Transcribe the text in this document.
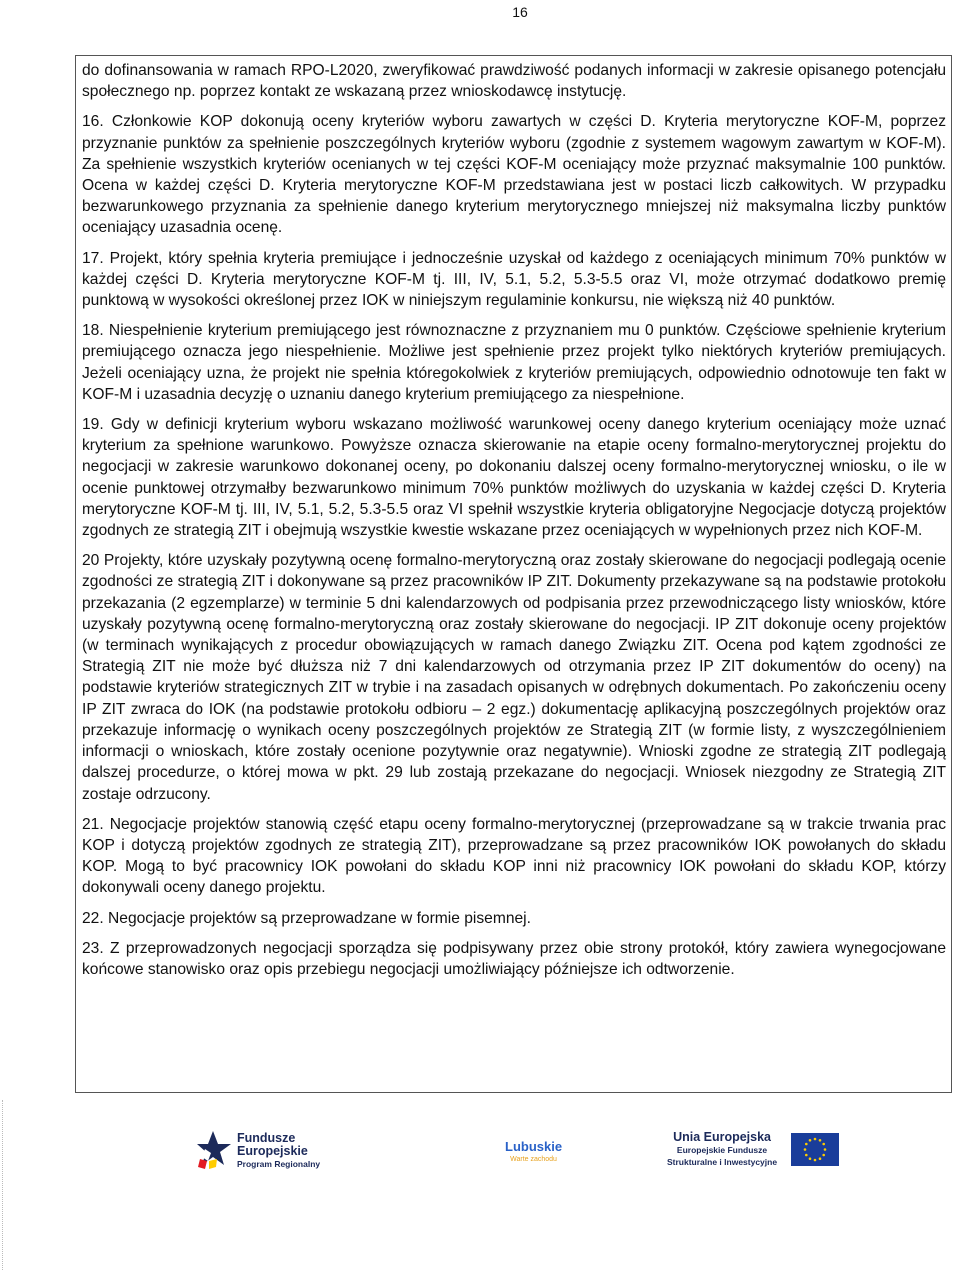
16

do dofinansowania w ramach RPO-L2020, zweryfikować prawdziwość podanych informacji w zakresie opisanego potencjału społecznego np. poprzez kontakt ze wskazaną przez wnioskodawcę instytucję.

16. Członkowie KOP dokonują oceny kryteriów wyboru zawartych w części D. Kryteria merytoryczne KOF-M, poprzez przyznanie punktów za spełnienie poszczególnych kryteriów wyboru (zgodnie z systemem wagowym zawartym w KOF-M). Za spełnienie wszystkich kryteriów ocenianych w tej części KOF-M oceniający może przyznać maksymalnie 100 punktów. Ocena w każdej części D. Kryteria merytoryczne KOF-M przedstawiana jest w postaci liczb całkowitych. W przypadku bezwarunkowego przyznania za spełnienie danego kryterium merytorycznego mniejszej niż maksymalna liczby punktów oceniający uzasadnia ocenę.

17. Projekt, który spełnia kryteria premiujące i jednocześnie uzyskał od każdego z oceniających minimum 70% punktów w każdej części D. Kryteria merytoryczne KOF-M tj. III, IV, 5.1, 5.2, 5.3-5.5 oraz VI, może otrzymać dodatkowo premię punktową w wysokości określonej przez IOK w niniejszym regulaminie konkursu, nie większą niż 40 punktów.

18. Niespełnienie kryterium premiującego jest równoznaczne z przyznaniem mu 0 punktów. Częściowe spełnienie kryterium premiującego oznacza jego niespełnienie. Możliwe jest spełnienie przez projekt tylko niektórych kryteriów premiujących. Jeżeli oceniający uzna, że projekt nie spełnia któregokolwiek z kryteriów premiujących, odpowiednio odnotowuje ten fakt w KOF-M i uzasadnia decyzję o uznaniu danego kryterium premiującego za niespełnione.

19. Gdy w definicji kryterium wyboru wskazano możliwość warunkowej oceny danego kryterium oceniający może uznać kryterium za spełnione warunkowo. Powyższe oznacza skierowanie na etapie oceny formalno-merytorycznej projektu do negocjacji w zakresie warunkowo dokonanej oceny, po dokonaniu dalszej oceny formalno-merytorycznej wniosku, o ile w ocenie punktowej otrzymałby bezwarunkowo minimum 70% punktów możliwych do uzyskania w każdej części D. Kryteria merytoryczne KOF-M tj. III, IV, 5.1, 5.2, 5.3-5.5 oraz VI spełnił wszystkie kryteria obligatoryjne Negocjacje dotyczą projektów zgodnych ze strategią ZIT i obejmują wszystkie kwestie wskazane przez oceniających w wypełnionych przez nich KOF-M.

20 Projekty, które uzyskały pozytywną ocenę formalno-merytoryczną oraz zostały skierowane do negocjacji podlegają ocenie zgodności ze strategią ZIT i dokonywane są przez pracowników IP ZIT. Dokumenty przekazywane są na podstawie protokołu przekazania (2 egzemplarze) w terminie 5 dni kalendarzowych od podpisania przez przewodniczącego listy wniosków, które uzyskały pozytywną ocenę formalno-merytoryczną oraz zostały skierowane do negocjacji. IP ZIT dokonuje oceny projektów (w terminach wynikających z procedur obowiązujących w ramach danego Związku ZIT. Ocena pod kątem zgodności ze Strategią ZIT nie może być dłuższa niż 7 dni kalendarzowych od otrzymania przez IP ZIT dokumentów do oceny) na podstawie kryteriów strategicznych ZIT w trybie i na zasadach opisanych w odrębnych dokumentach. Po zakończeniu oceny IP ZIT zwraca do IOK (na podstawie protokołu odbioru – 2 egz.) dokumentację aplikacyjną poszczególnych projektów oraz przekazuje informację o wynikach oceny poszczególnych projektów ze Strategią ZIT (w formie listy, z wyszczególnieniem informacji o wnioskach, które zostały ocenione pozytywnie oraz negatywnie). Wnioski zgodne ze strategią ZIT podlegają dalszej procedurze, o której mowa w pkt. 29 lub zostają przekazane do negocjacji. Wniosek niezgodny ze Strategią ZIT zostaje odrzucony.

21. Negocjacje projektów stanowią część etapu oceny formalno-merytorycznej (przeprowadzane są w trakcie trwania prac KOP i dotyczą projektów zgodnych ze strategią ZIT), przeprowadzane są przez pracowników IOK powołanych do składu KOP. Mogą to być pracownicy IOK powołani do składu KOP inni niż pracownicy IOK powołani do składu KOP, którzy dokonywali oceny danego projektu.

22. Negocjacje projektów są przeprowadzane w formie pisemnej.

23. Z przeprowadzonych negocjacji sporządza się podpisywany przez obie strony protokół, który zawiera wynegocjowane końcowe stanowisko oraz opis przebiegu negocjacji umożliwiający późniejsze ich odtworzenie.

Fundusze
Europejskie
Program Regionalny
Lubuskie
Warte zachodu
Unia Europejska
Europejskie Fundusze
Strukturalne i Inwestycyjne
